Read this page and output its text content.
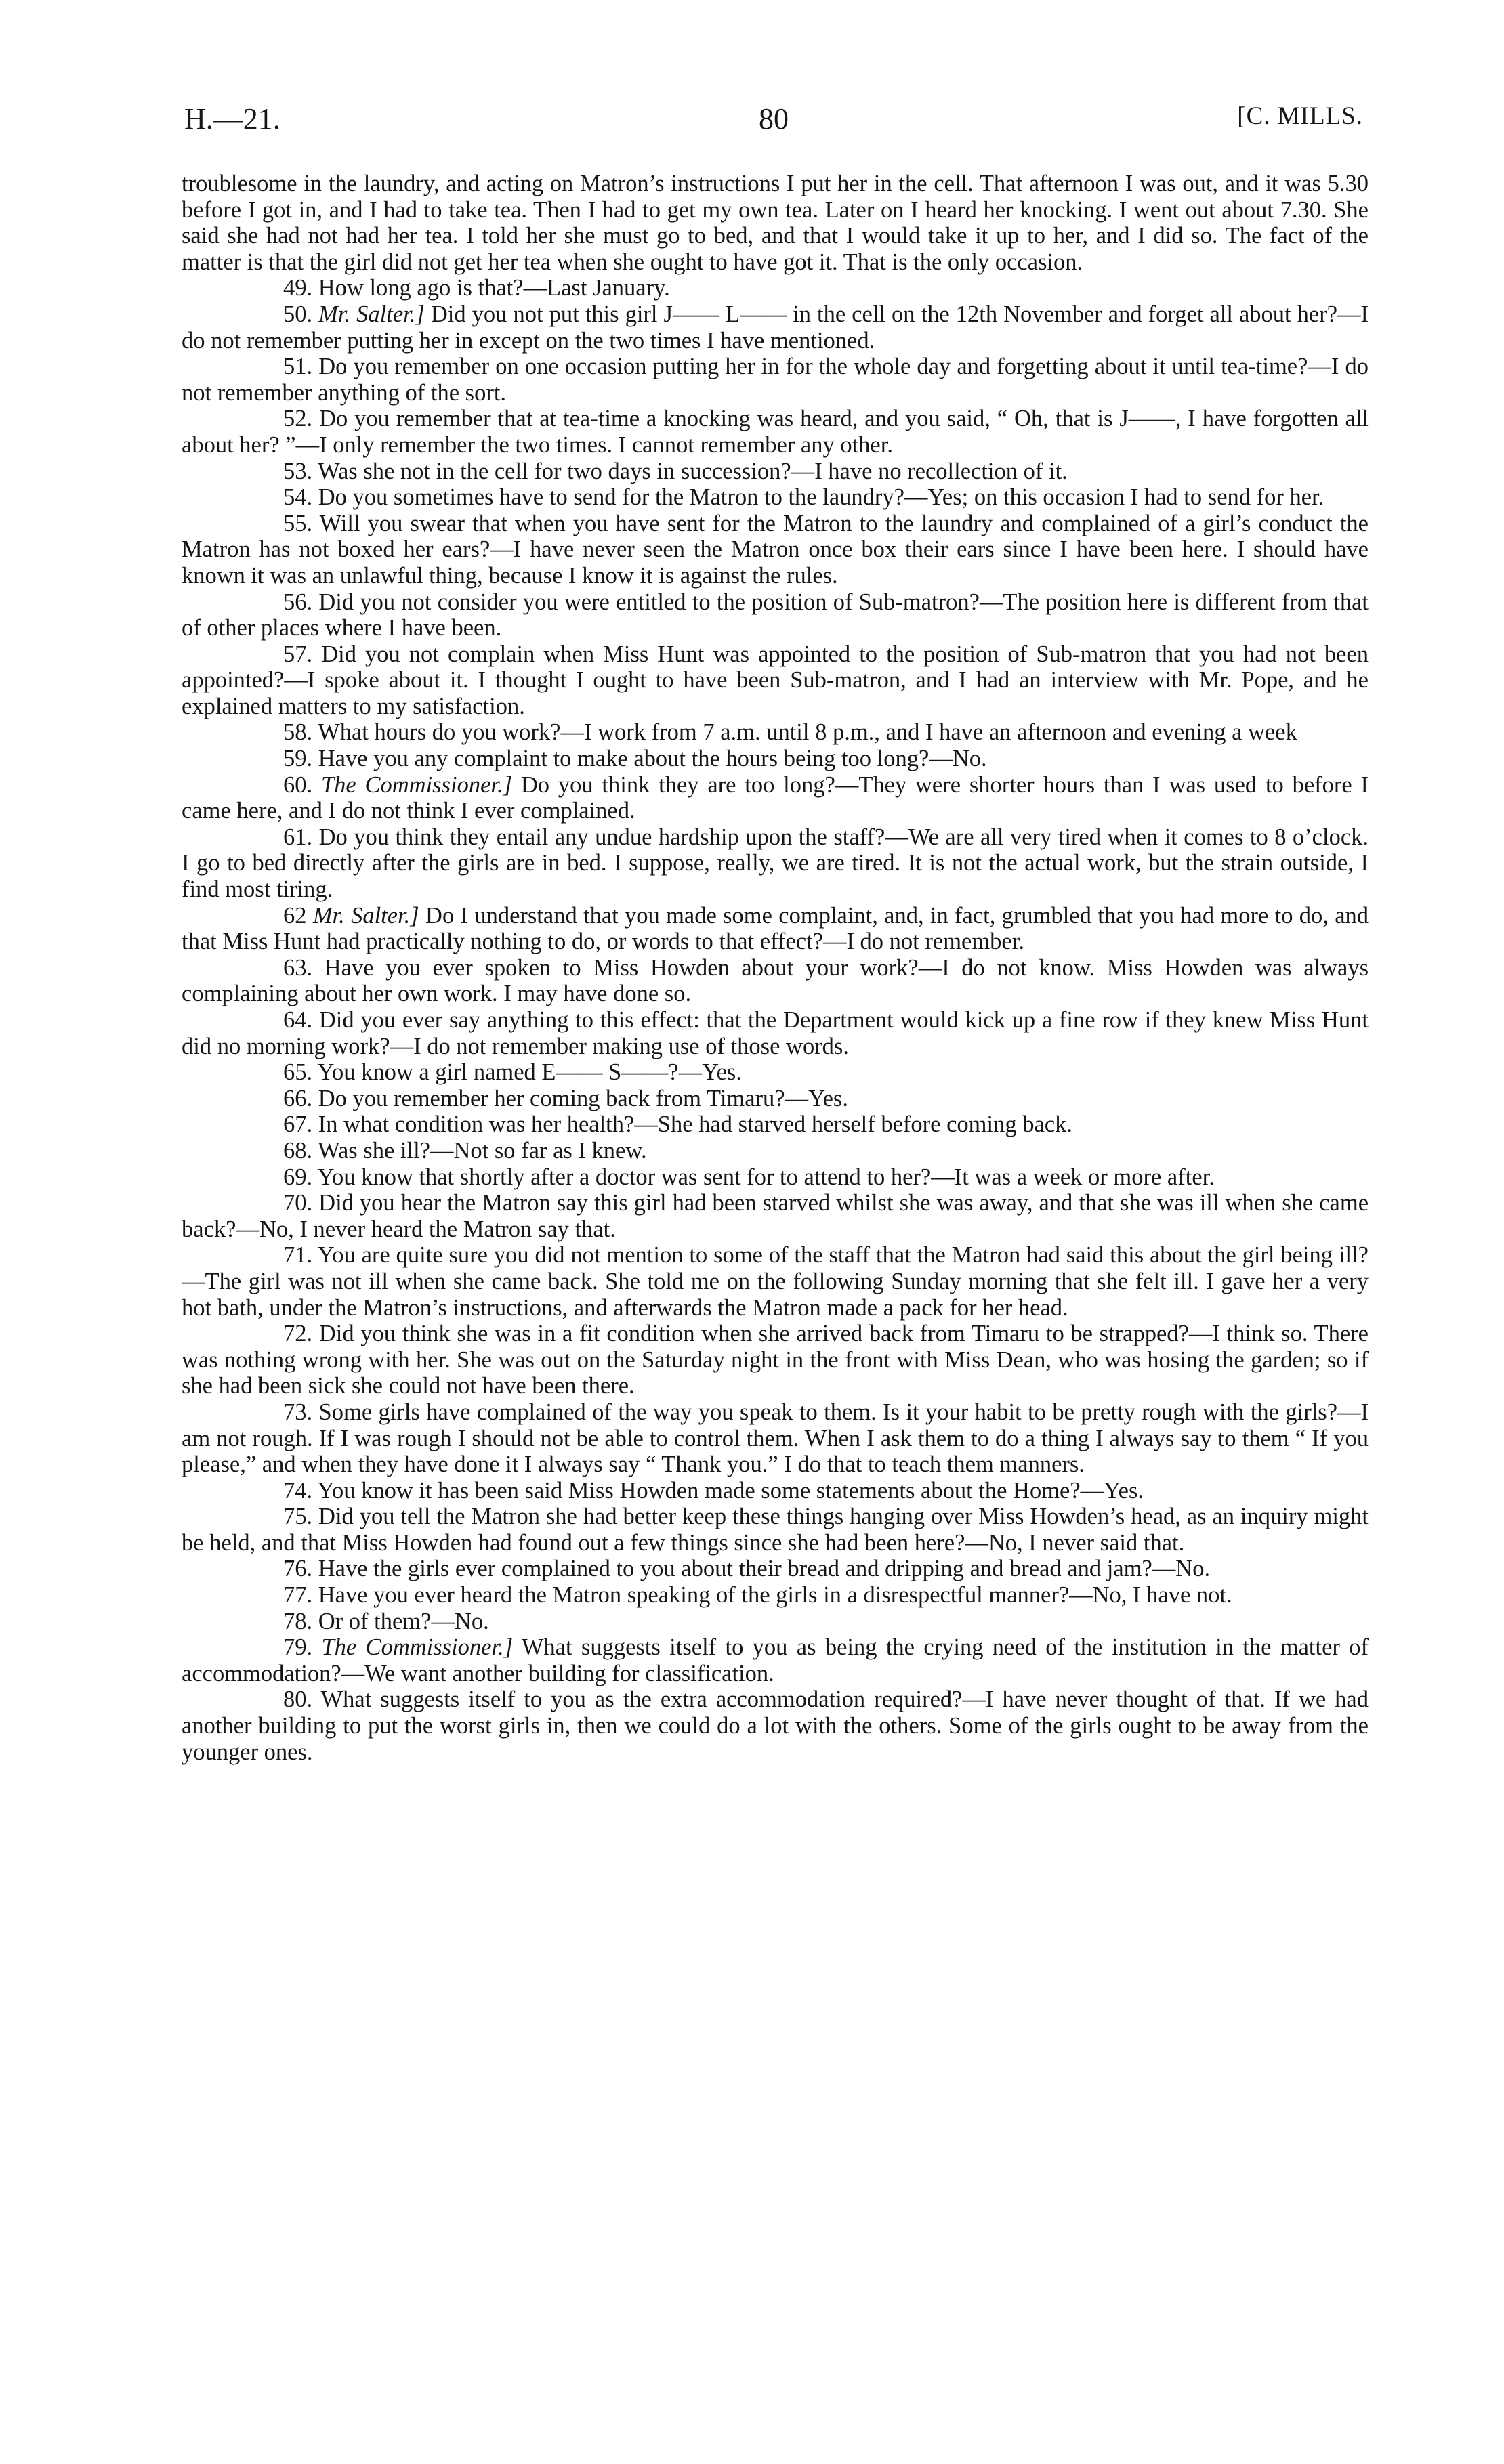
H.—21.	80	[C. MILLS.

troublesome in the laundry, and acting on Matron’s instructions I put her in the cell. That afternoon I was out, and it was 5.30 before I got in, and I had to take tea. Then I had to get my own tea. Later on I heard her knocking. I went out about 7.30. She said she had not had her tea. I told her she must go to bed, and that I would take it up to her, and I did so. The fact of the matter is that the girl did not get her tea when she ought to have got it. That is the only occasion.

49. How long ago is that?—Last January.

50. Mr. Salter.] Did you not put this girl J—— L—— in the cell on the 12th November and forget all about her?—I do not remember putting her in except on the two times I have mentioned.

51. Do you remember on one occasion putting her in for the whole day and forgetting about it until tea-time?—I do not remember anything of the sort.

52. Do you remember that at tea-time a knocking was heard, and you said, “ Oh, that is J——, I have forgotten all about her? ”—I only remember the two times. I cannot remember any other.

53. Was she not in the cell for two days in succession?—I have no recollection of it.

54. Do you sometimes have to send for the Matron to the laundry?—Yes; on this occasion I had to send for her.

55. Will you swear that when you have sent for the Matron to the laundry and complained of a girl’s conduct the Matron has not boxed her ears?—I have never seen the Matron once box their ears since I have been here. I should have known it was an unlawful thing, because I know it is against the rules.

56. Did you not consider you were entitled to the position of Sub-matron?—The position here is different from that of other places where I have been.

57. Did you not complain when Miss Hunt was appointed to the position of Sub-matron that you had not been appointed?—I spoke about it. I thought I ought to have been Sub-matron, and I had an interview with Mr. Pope, and he explained matters to my satisfaction.

58. What hours do you work?—I work from 7 a.m. until 8 p.m., and I have an afternoon and evening a week

59. Have you any complaint to make about the hours being too long?—No.

60. The Commissioner.] Do you think they are too long?—They were shorter hours than I was used to before I came here, and I do not think I ever complained.

61. Do you think they entail any undue hardship upon the staff?—We are all very tired when it comes to 8 o’clock. I go to bed directly after the girls are in bed. I suppose, really, we are tired. It is not the actual work, but the strain outside, I find most tiring.

62 Mr. Salter.] Do I understand that you made some complaint, and, in fact, grumbled that you had more to do, and that Miss Hunt had practically nothing to do, or words to that effect?—I do not remember.

63. Have you ever spoken to Miss Howden about your work?—I do not know. Miss Howden was always complaining about her own work. I may have done so.

64. Did you ever say anything to this effect: that the Department would kick up a fine row if they knew Miss Hunt did no morning work?—I do not remember making use of those words.

65. You know a girl named E—— S——?—Yes.

66. Do you remember her coming back from Timaru?—Yes.

67. In what condition was her health?—She had starved herself before coming back.

68. Was she ill?—Not so far as I knew.

69. You know that shortly after a doctor was sent for to attend to her?—It was a week or more after.

70. Did you hear the Matron say this girl had been starved whilst she was away, and that she was ill when she came back?—No, I never heard the Matron say that.

71. You are quite sure you did not mention to some of the staff that the Matron had said this about the girl being ill?—The girl was not ill when she came back. She told me on the following Sunday morning that she felt ill. I gave her a very hot bath, under the Matron’s instructions, and afterwards the Matron made a pack for her head.

72. Did you think she was in a fit condition when she arrived back from Timaru to be strapped?—I think so. There was nothing wrong with her. She was out on the Saturday night in the front with Miss Dean, who was hosing the garden; so if she had been sick she could not have been there.

73. Some girls have complained of the way you speak to them. Is it your habit to be pretty rough with the girls?—I am not rough. If I was rough I should not be able to control them. When I ask them to do a thing I always say to them “ If you please,” and when they have done it I always say “ Thank you.” I do that to teach them manners.

74. You know it has been said Miss Howden made some statements about the Home?—Yes.

75. Did you tell the Matron she had better keep these things hanging over Miss Howden’s head, as an inquiry might be held, and that Miss Howden had found out a few things since she had been here?—No, I never said that.

76. Have the girls ever complained to you about their bread and dripping and bread and jam?—No.

77. Have you ever heard the Matron speaking of the girls in a disrespectful manner?—No, I have not.

78. Or of them?—No.

79. The Commissioner.] What suggests itself to you as being the crying need of the institution in the matter of accommodation?—We want another building for classification.

80. What suggests itself to you as the extra accommodation required?—I have never thought of that. If we had another building to put the worst girls in, then we could do a lot with the others. Some of the girls ought to be away from the younger ones.
